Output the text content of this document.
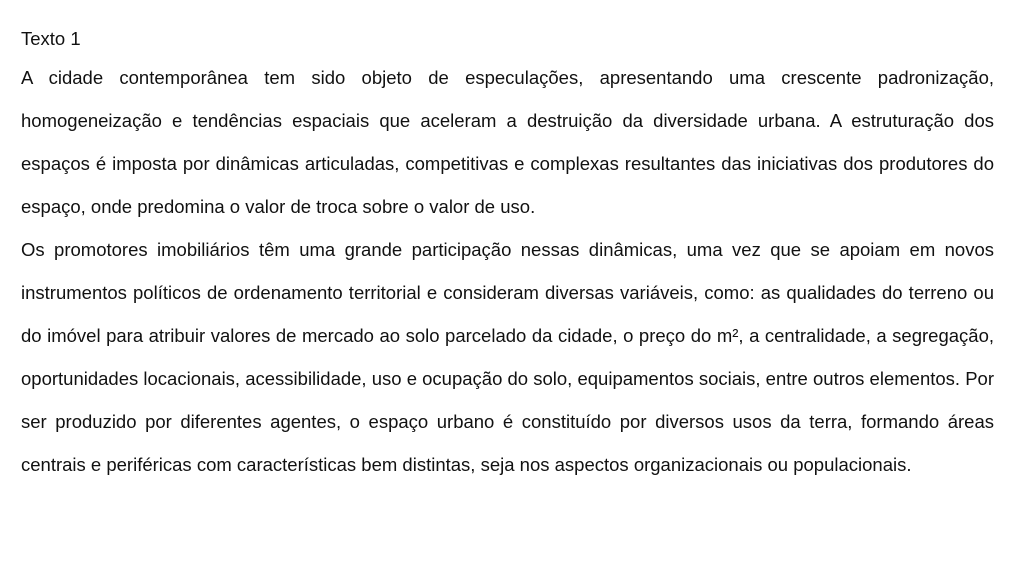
Texto 1

A cidade contemporânea tem sido objeto de especulações, apresentando uma crescente padronização, homogeneização e tendências espaciais que aceleram a destruição da diversidade urbana. A estruturação dos espaços é imposta por dinâmicas articuladas, competitivas e complexas resultantes das iniciativas dos produtores do espaço, onde predomina o valor de troca sobre o valor de uso.

Os promotores imobiliários têm uma grande participação nessas dinâmicas, uma vez que se apoiam em novos instrumentos políticos de ordenamento territorial e consideram diversas variáveis, como: as qualidades do terreno ou do imóvel para atribuir valores de mercado ao solo parcelado da cidade, o preço do m², a centralidade, a segregação, oportunidades locacionais, acessibilidade, uso e ocupação do solo, equipamentos sociais, entre outros elementos. Por ser produzido por diferentes agentes, o espaço urbano é constituído por diversos usos da terra, formando áreas centrais e periféricas com características bem distintas, seja nos aspectos organizacionais ou populacionais.
